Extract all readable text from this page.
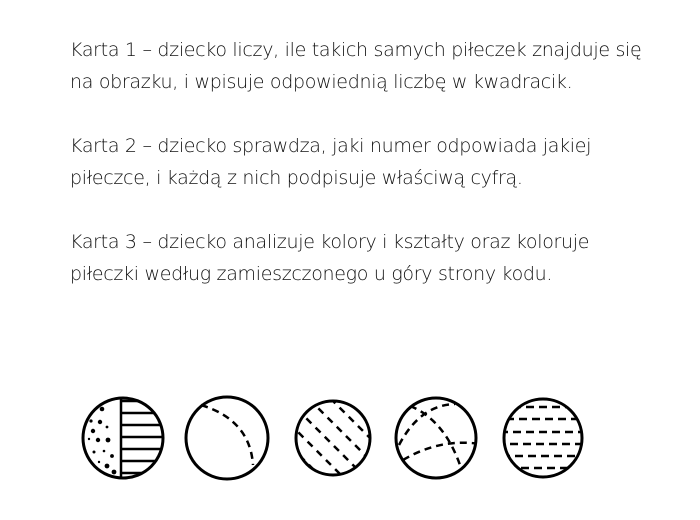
Karta 1 – dziecko liczy, ile takich samych piłeczek znajduje się
na obrazku, i wpisuje odpowiednią liczbę w kwadracik.
Karta 2 – dziecko sprawdza, jaki numer odpowiada jakiej
piłeczce, i każdą z nich podpisuje właściwą cyfrą.
Karta 3 – dziecko analizuje kolory i kształty oraz koloruje
piłeczki według zamieszczonego u góry strony kodu.
